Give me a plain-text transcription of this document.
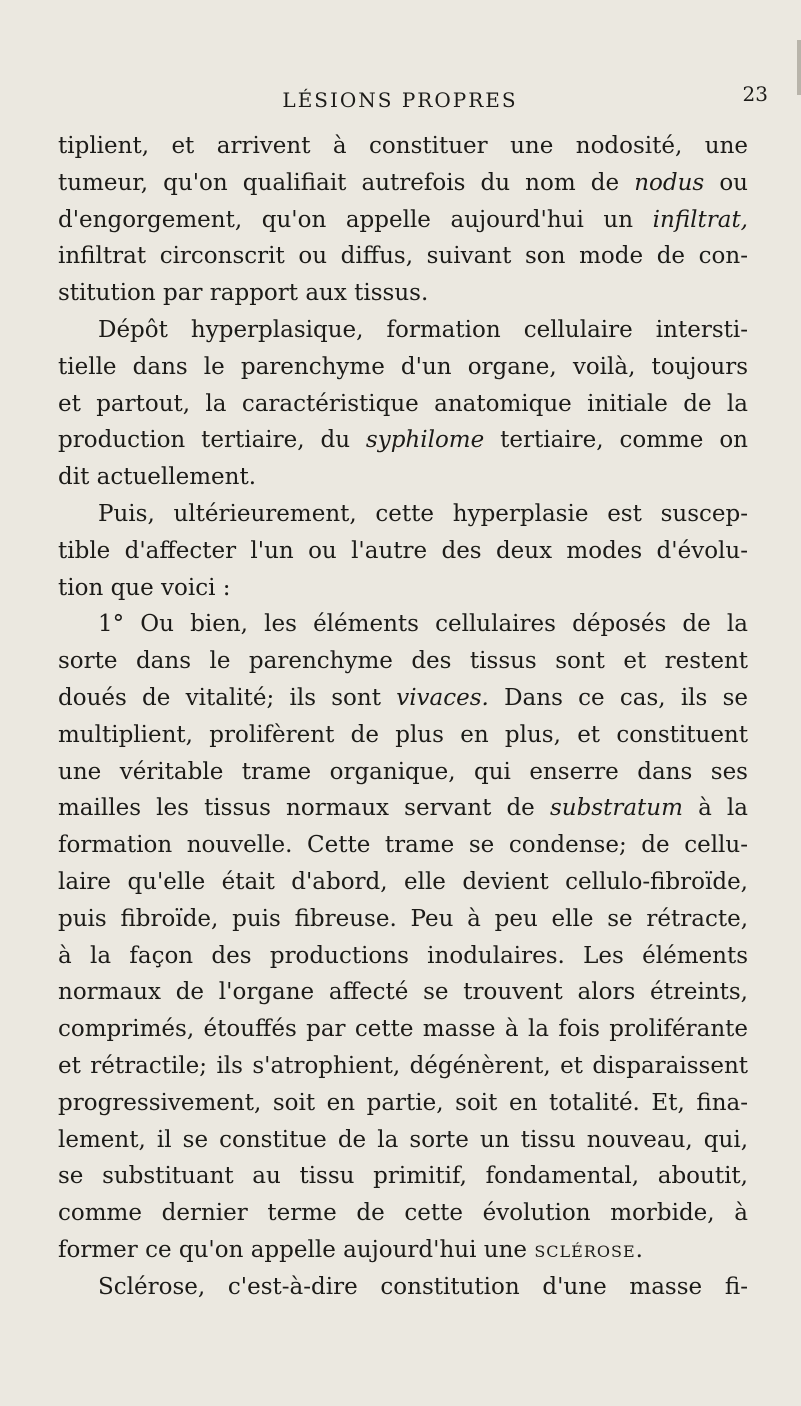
LÉSIONS PROPRES	23
tiplient, et arrivent à constituer une nodosité, une
tumeur, qu'on qualifiait autrefois du nom de nodus ou
d'engorgement, qu'on appelle aujourd'hui un infiltrat,
infiltrat circonscrit ou diffus, suivant son mode de con-
stitution par rapport aux tissus.
Dépôt hyperplasique, formation cellulaire intersti-
tielle dans le parenchyme d'un organe, voilà, toujours
et partout, la caractéristique anatomique initiale de la
production tertiaire, du syphilome tertiaire, comme on
dit actuellement.
Puis, ultérieurement, cette hyperplasie est suscep-
tible d'affecter l'un ou l'autre des deux modes d'évolu-
tion que voici :
1° Ou bien, les éléments cellulaires déposés de la
sorte dans le parenchyme des tissus sont et restent
doués de vitalité; ils sont vivaces. Dans ce cas, ils se
multiplient, prolifèrent de plus en plus, et constituent
une véritable trame organique, qui enserre dans ses
mailles les tissus normaux servant de substratum à la
formation nouvelle. Cette trame se condense; de cellu-
laire qu'elle était d'abord, elle devient cellulo-fibroïde,
puis fibroïde, puis fibreuse. Peu à peu elle se rétracte,
à la façon des productions inodulaires. Les éléments
normaux de l'organe affecté se trouvent alors étreints,
comprimés, étouffés par cette masse à la fois proliférante
et rétractile; ils s'atrophient, dégénèrent, et disparaissent
progressivement, soit en partie, soit en totalité. Et, fina-
lement, il se constitue de la sorte un tissu nouveau, qui,
se substituant au tissu primitif, fondamental, aboutit,
comme dernier terme de cette évolution morbide, à
former ce qu'on appelle aujourd'hui une sclérose.
Sclérose, c'est-à-dire constitution d'une masse fi-
